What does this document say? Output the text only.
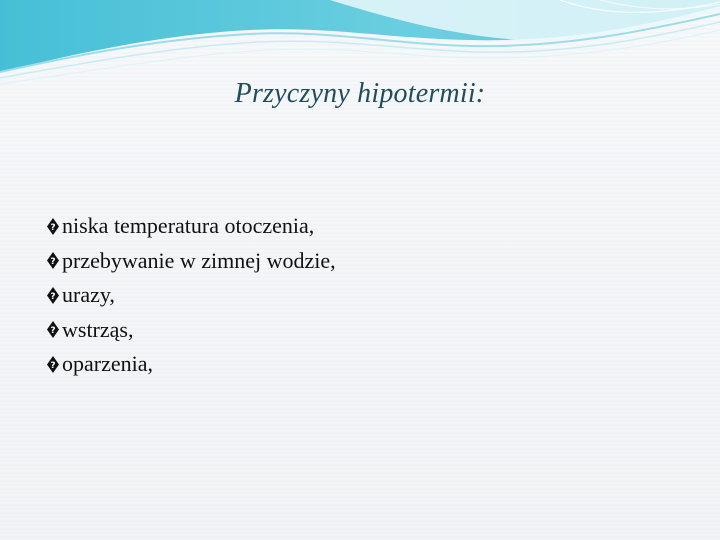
Przyczyny hipotermii:
? niska temperatura otoczenia,
? przebywanie w zimnej wodzie,
? urazy,
? wstrząs,
? oparzenia,
